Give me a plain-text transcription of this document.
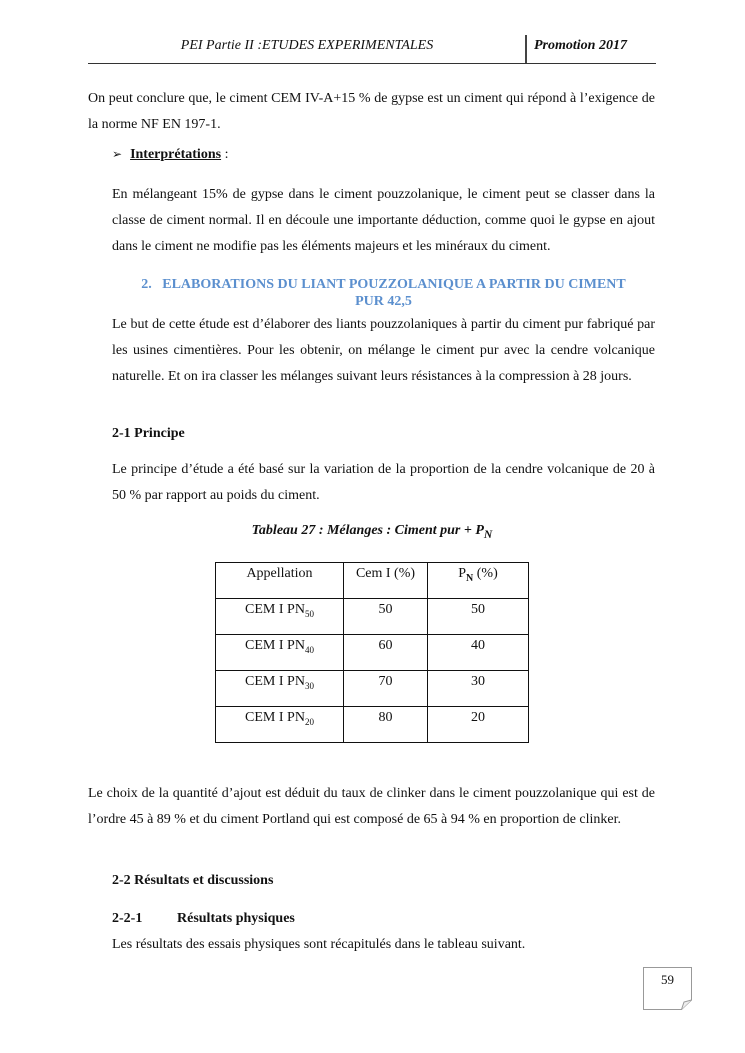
PEI Partie II :ETUDES EXPERIMENTALES	Promotion 2017
On peut conclure que, le ciment CEM IV-A+15 % de gypse est un ciment qui répond à l’exigence de la norme NF EN 197-1.
➢ Interprétations :
En mélangeant 15% de gypse dans le ciment pouzzolanique, le ciment peut se classer dans la classe de ciment normal. Il en découle une importante déduction, comme quoi le gypse en ajout dans le ciment ne modifie pas les éléments majeurs et les minéraux du ciment.
2. ELABORATIONS DU LIANT POUZZOLANIQUE A PARTIR DU CIMENT
PUR 42,5
Le but de cette étude est d’élaborer des liants pouzzolaniques à partir du ciment pur fabriqué par les usines cimentières. Pour les obtenir, on mélange le ciment pur avec la cendre volcanique naturelle. Et on ira classer les mélanges suivant leurs résistances à la compression à 28 jours.
2-1 Principe
Le principe d’étude a été basé sur la variation de la proportion de la cendre volcanique de 20 à 50 % par rapport au poids du ciment.
Tableau 27 : Mélanges : Ciment pur + $P_N$
Appellation	Cem I (%)	$P_N$ (%)
CEM I $PN_{50}$	50	50
CEM I $PN_{40}$	60	40
CEM I $PN_{30}$	70	30
CEM I $PN_{20}$	80	20
Le choix de la quantité d’ajout est déduit du taux de clinker dans le ciment pouzzolanique qui est de l’ordre 45 à 89 % et du ciment Portland qui est composé de 65 à 94 % en proportion de clinker.
2-2 Résultats et discussions
2-2-1 Résultats physiques
Les résultats des essais physiques sont récapitulés dans le tableau suivant.
59
